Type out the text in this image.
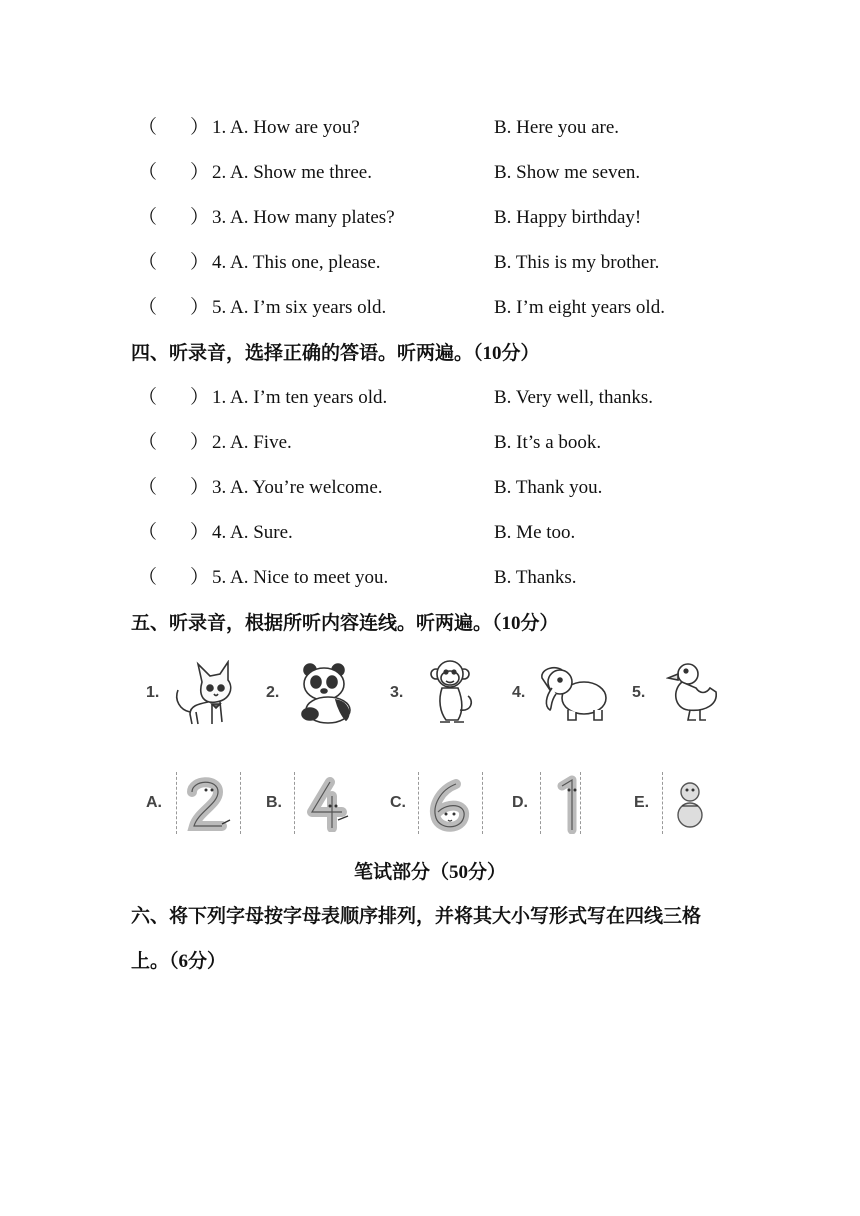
（ ） 1. A. How are you?	B. Here you are.
（ ） 2. A. Show me three.	B. Show me seven.
（ ） 3. A. How many plates?	B. Happy birthday!
（ ） 4. A. This one, please.	B. This is my brother.
（ ） 5. A. I’m six years old.	B. I’m eight years old.
四、听录音，选择正确的答语。听两遍。（10分）
（ ） 1. A. I’m ten years old.	B. Very well, thanks.
（ ） 2. A. Five.	B. It’s a book.
（ ） 3. A. You’re welcome.	B. Thank you.
（ ） 4. A. Sure.	B. Me too.
（ ） 5. A. Nice to meet you.	B. Thanks.
五、听录音，根据所听内容连线。听两遍。（10分）
1.	2.	3.	4.	5.
A.	B.	C.	D.	E.
笔试部分（50分）
六、将下列字母按字母表顺序排列，并将其大小写形式写在四线三格
上。（6分）
